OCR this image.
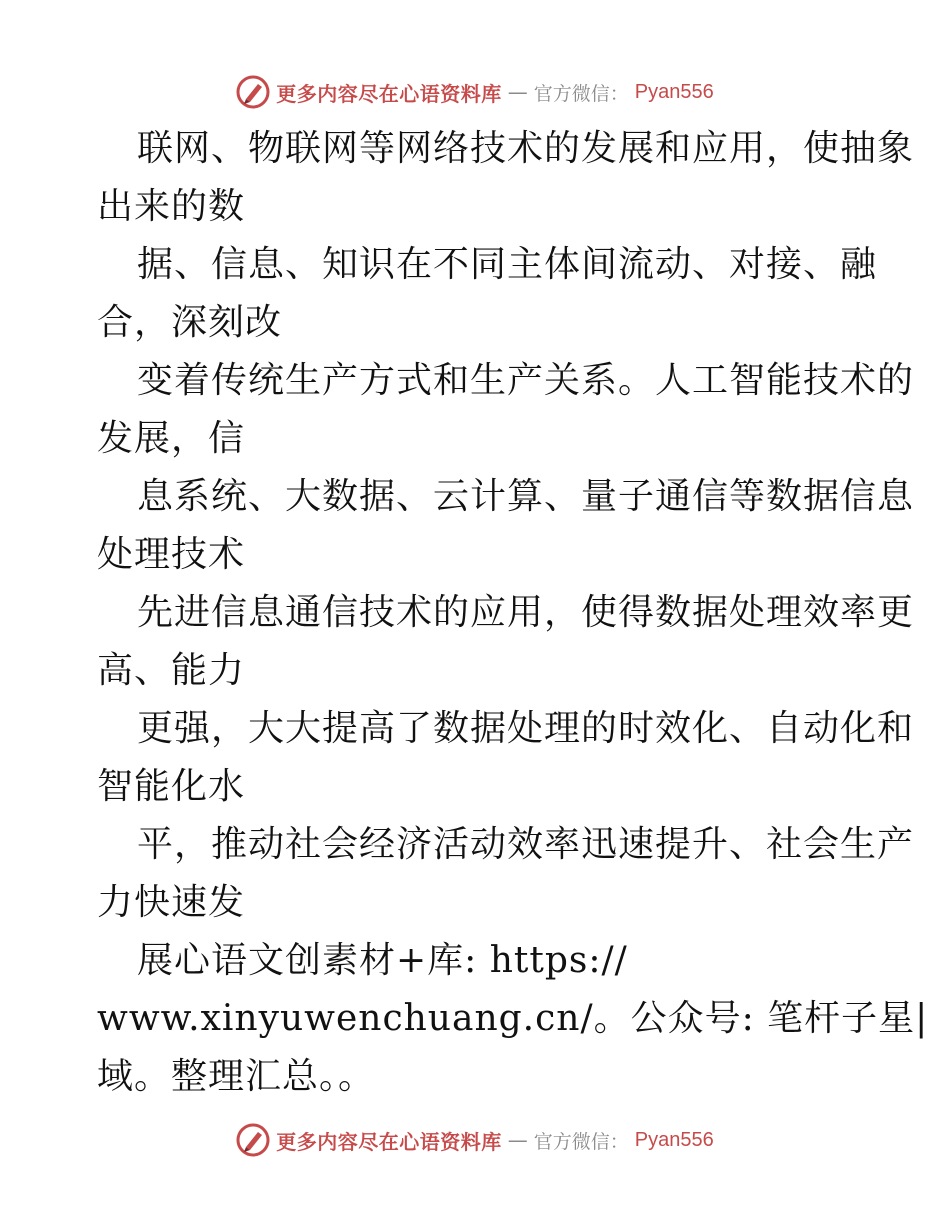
更多内容尽在心语资料库 — 官方微信： Pyan556
联网、物联网等网络技术的发展和应用，使抽象
出来的数
据、信息、知识在不同主体间流动、对接、融
合，深刻改
变着传统生产方式和生产关系。人工智能技术的
发展，信
息系统、大数据、云计算、量子通信等数据信息
处理技术
先进信息通信技术的应用，使得数据处理效率更
高、能力
更强，大大提高了数据处理的时效化、自动化和
智能化水
平，推动社会经济活动效率迅速提升、社会生产
力快速发
展心语文创素材+库: https://
www.xinyuwenchuang.cn/。公众号: 笔杆子星|
域。整理汇总。。
更多内容尽在心语资料库 — 官方微信： Pyan556
